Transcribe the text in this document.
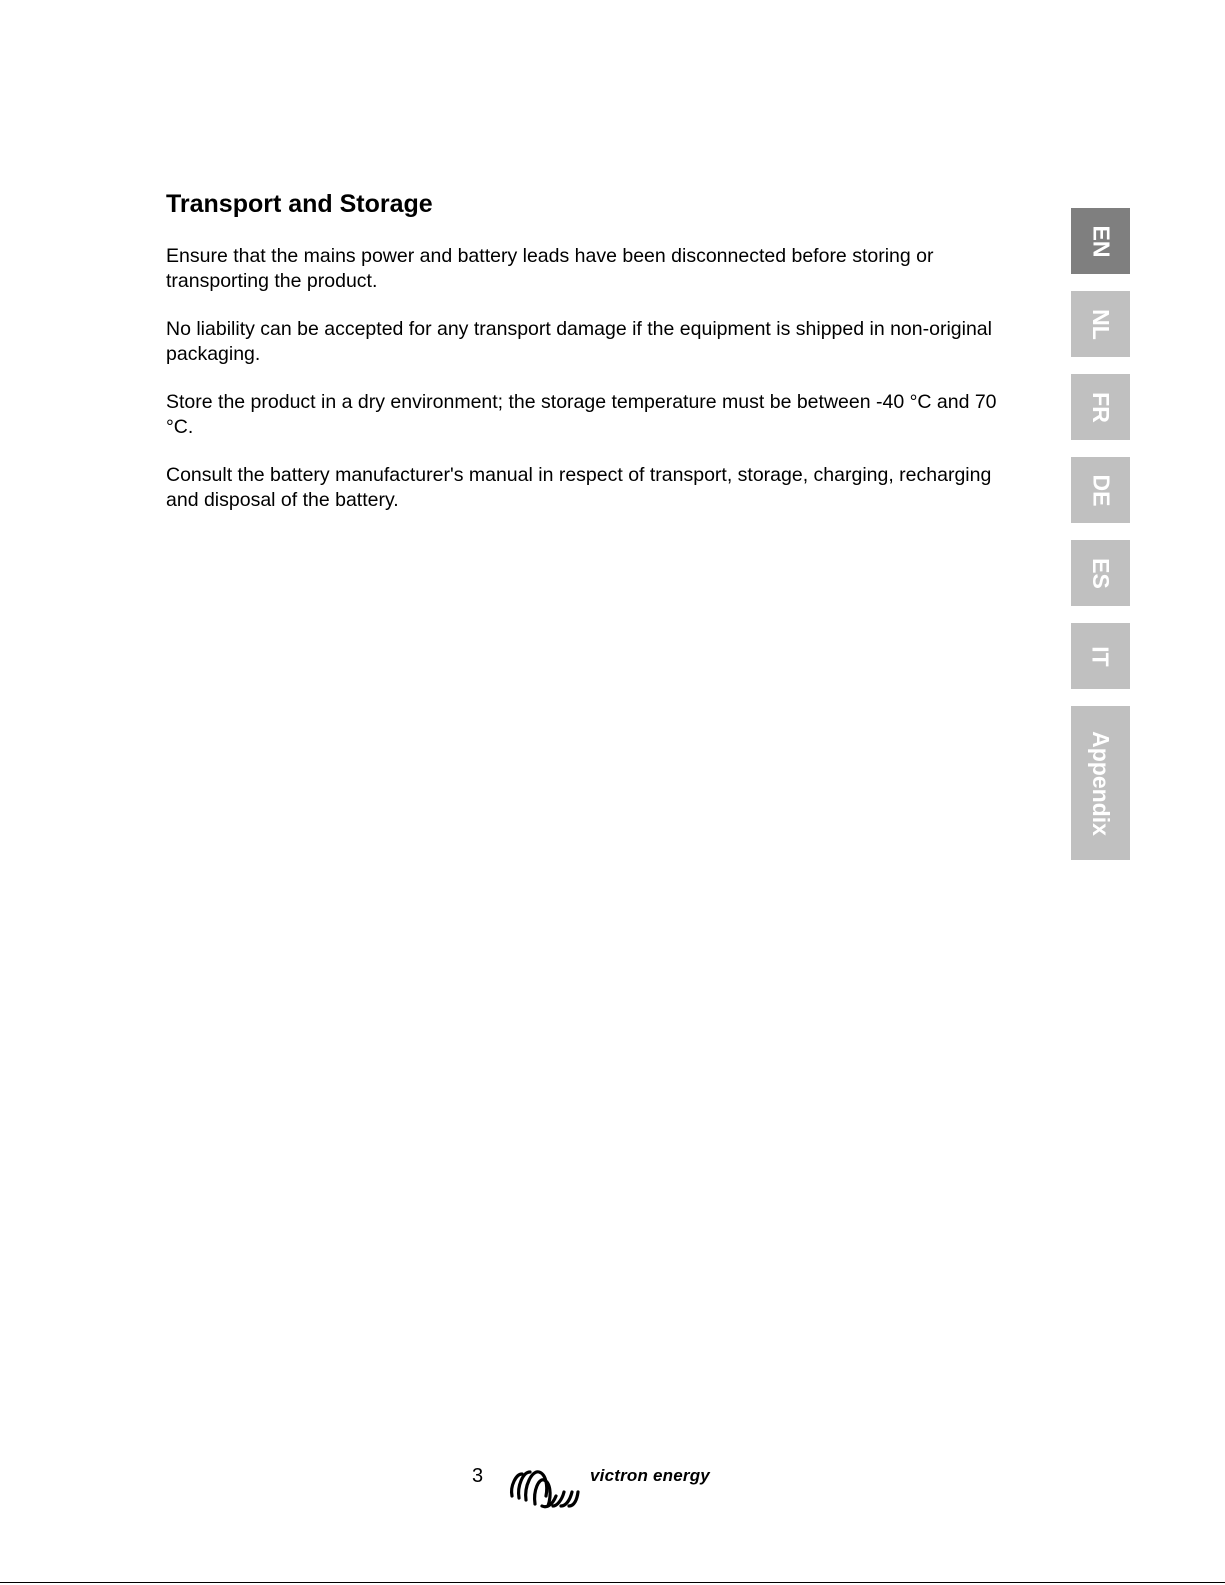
Transport and Storage

Ensure that the mains power and battery leads have been disconnected before storing or transporting the product.

No liability can be accepted for any transport damage if the equipment is shipped in non-original packaging.

Store the product in a dry environment; the storage temperature must be between -40 °C and 70 °C.

Consult the battery manufacturer's manual in respect of transport, storage, charging, recharging and disposal of the battery.

EN
NL
FR
DE
ES
IT
Appendix
3	victron energy
